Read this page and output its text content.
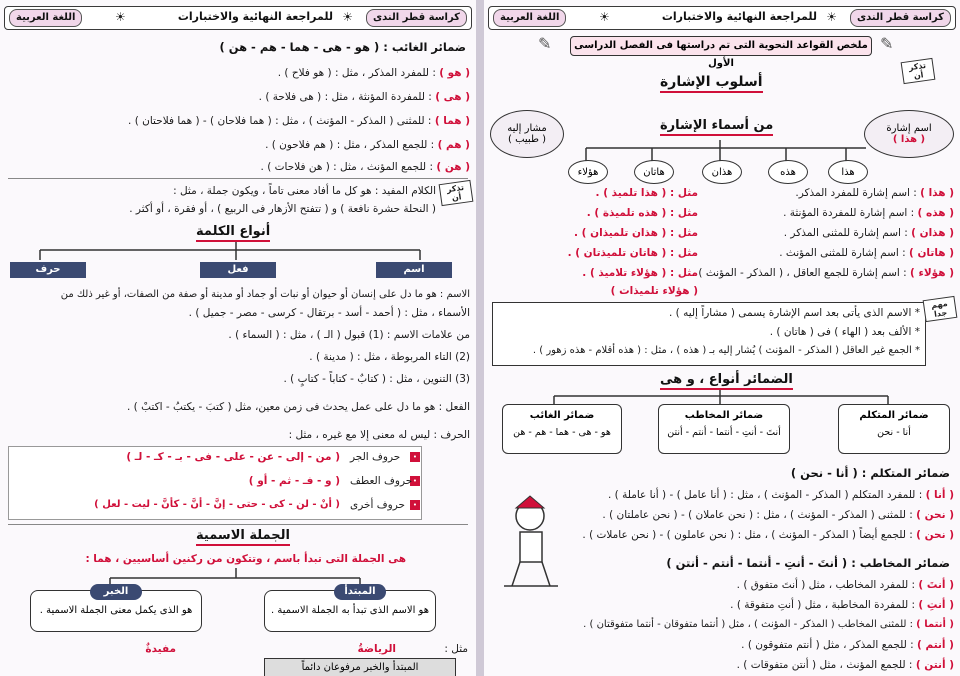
كراسة قطر الندى
☀
للمراجعة النهائية والاختبارات
☀
اللغة العربية
ملخص القواعد النحوية التى تم دراستها فى الفصل الدراسى الأول
✎	✎
تذكر أن
أسلوب الإشارة
مشار إليه
( طبيب )
اسم إشارة
( هذا )
من أسماء الإشارة
هؤلاء	هاتان	هذان	هذه	هذا
( هذا ) : اسم إشارة للمفرد المذكر.
مثل : ( هذا تلميذ ) .
( هذه ) : اسم إشارة للمفردة المؤنثة .
مثل : ( هذه تلميذة ) .
( هذان ) : اسم إشارة للمثنى المذكر .
مثل : ( هذان تلميذان ) .
( هاتان ) : اسم إشارة للمثنى المؤنث .
مثل : ( هاتان تلميذتان ) .
( هؤلاء ) : اسم إشارة للجمع العاقل ، ( المذكر - المؤنث ) .
مثل : ( هؤلاء تلاميذ ) .
( هؤلاء تلميذات )
مهم جدا
* الاسم الذى يأتى بعد اسم الإشارة يسمى ( مشاراً إليه ) .
* الألف بعد ( الهاء ) فى ( هاتان ) .
* الجمع غير العاقل ( المذكر - المؤنث ) يُشار إليه بـ ( هذه ) ، مثل : ( هذه أقلام - هذه زهور ) .
الضمائر أنواع ، و هى
ضمائر الغائب
هو - هى - هما - هم - هن
ضمائر المخاطب
أنتَ - أنتِ - أنتما - أنتم - أنتن
ضمائر المتكلم
أنا - نحن
ضمائر المتكلم : ( أنا - نحن )
( أنا ) : للمفرد المتكلم ( المذكر - المؤنث ) ، مثل : ( أنا عامل ) - ( أنا عاملة ) .
( نحن ) : للمثنى ( المذكر - المؤنث ) ، مثل : ( نحن عاملان ) - ( نحن عاملتان ) .
( نحن ) : للجمع أيضاً ( المذكر - المؤنث ) ، مثل : ( نحن عاملون ) - ( نحن عاملات ) .
ضمائر المخاطب : ( أنتَ - أنتِ - أنتما - أنتم - أنتن )
( أنتَ ) : للمفرد المخاطب ، مثل ( أنتَ متفوق ) .
( أنتِ ) : للمفردة المخاطبة ، مثل ( أنتِ متفوقة ) .
( أنتما ) : للمثنى المخاطب ( المذكر - المؤنث ) ، مثل ( أنتما متفوقان - أنتما متفوقتان ) .
( أنتم ) : للجمع المذكر ، مثل ( أنتم متفوقون ) .
( أنتن ) : للجمع المؤنث ، مثل ( أنتن متفوقات ) .
كراسة قطر الندى
☀
للمراجعة النهائية والاختبارات
☀
اللغة العربية
ضمائر الغائب : ( هو - هى - هما - هم - هن )
( هو ) : للمفرد المذكر ، مثل : ( هو فلاح ) .
( هى ) : للمفردة المؤنثة ، مثل : ( هى فلاحة ) .
( هما ) : للمثنى ( المذكر - المؤنث ) ، مثل : ( هما فلاحان ) - ( هما فلاحتان ) .
( هم ) : للجمع المذكر ، مثل : ( هم فلاحون ) .
( هن ) : للجمع المؤنث ، مثل : ( هن فلاحات ) .
تذكر أن
الكلام المفيد : هو كل ما أفاد معنى تاماً ، ويكون جملة ، مثل :
( النحلة حشرة نافعة ) و ( تتفتح الأزهار فى الربيع ) ، أو فقرة ، أو أكثر .
أنواع الكلمة
اسم
فعل
حرف
الاسم : هو ما دل على إنسان أو حيوان أو نبات أو جماد أو مدينة أو صفة من الصفات، أو غير ذلك من
الأسماء ، مثل : ( أحمد - أسد - برتقال - كرسى - مصر - جميل ) .
من علامات الاسم : (1) قبول ( الـ ) ، مثل : ( السماء ) .
(2) التاء المربوطة ، مثل : ( مدينة ) .
(3) التنوين ، مثل : ( كتابٌ - كتاباً - كتابٍ ) .
الفعل : هو ما دل على عمل يحدث فى زمن معين، مثل ( كتبَ - يكتبُ - اكتبْ ) .
الحرف : ليس له معنى إلا مع غيره ، مثل :
•
حروف الجر
( من - إلى - عن - على - فى - بـ - كـ - لـ )
•
حروف العطف
( و - فـ - ثم - أو )
•
حروف أخرى
( أنْ - لن - كى - حتى - إنَّ - أنَّ - كأنَّ - ليت - لعل )
الجملة الاسمية
هى الجملة التى تبدأ باسم ، وتتكون من ركنين أساسيين ، هما :
هو الاسم الذى تبدأ به الجملة الاسمية .
المبتدأ
هو الذى يكمل معنى الجملة الاسمية .
الخبر
مثل :
الرياضةُ
مفيدةٌ
المبتدأ والخبر مرفوعان دائماً
